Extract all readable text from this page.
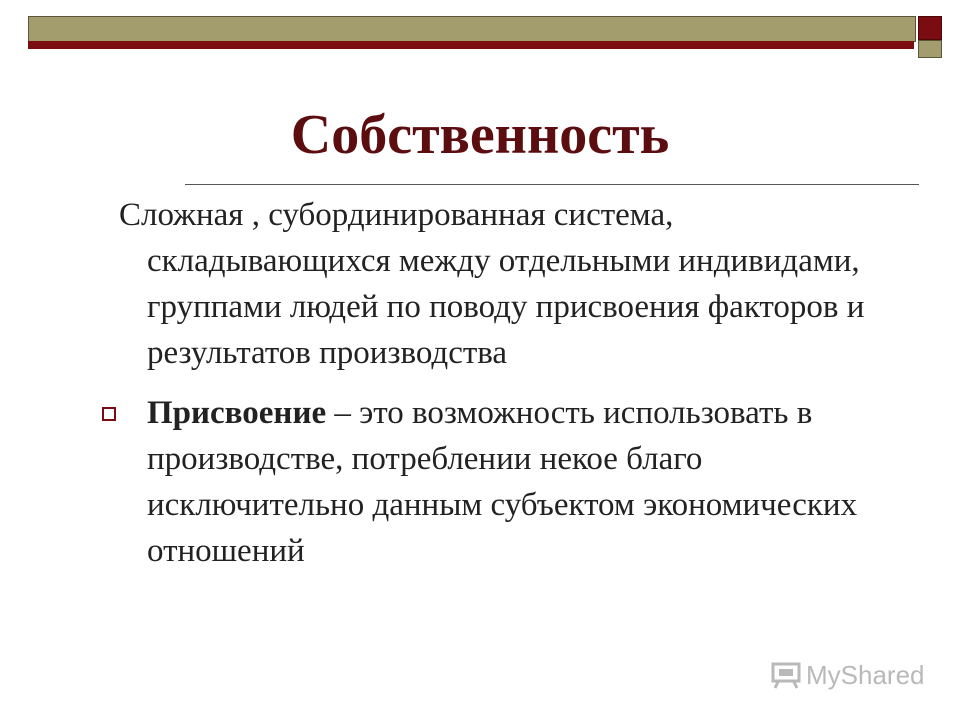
Собственность
Сложная , субординированная система, складывающихся между отдельными индивидами, группами людей по поводу присвоения факторов и результатов производства
Присвоение – это возможность использовать в производстве, потреблении некое благо исключительно данным субъектом экономических отношений
MyShared
